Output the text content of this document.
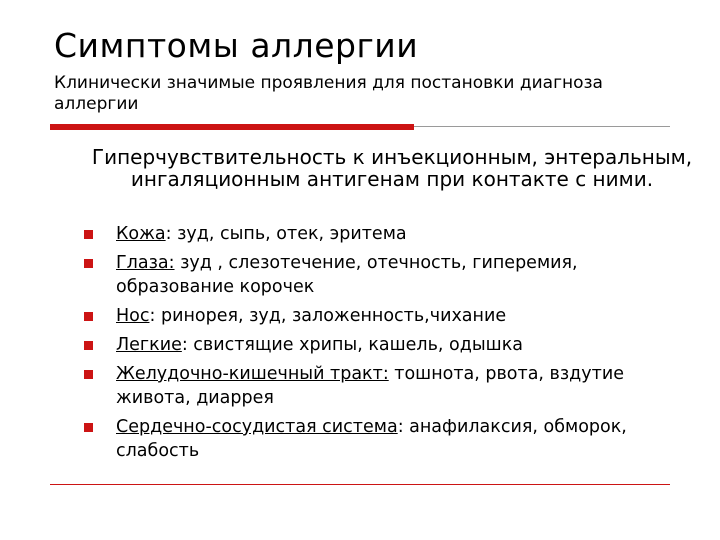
Симптомы аллергии
Клинически значимые проявления для постановки диагноза аллергии
Гиперчувствительность к инъекционным, энтеральным, ингаляционным антигенам при контакте с ними.
Кожа: зуд, сыпь, отек, эритема
Глаза: зуд , слезотечение, отечность, гиперемия, образование корочек
Нос: ринорея, зуд, заложенность,чихание
Легкие: свистящие хрипы, кашель, одышка
Желудочно-кишечный тракт: тошнота, рвота, вздутие живота, диаррея
Сердечно-сосудистая система: анафилаксия, обморок, слабость
